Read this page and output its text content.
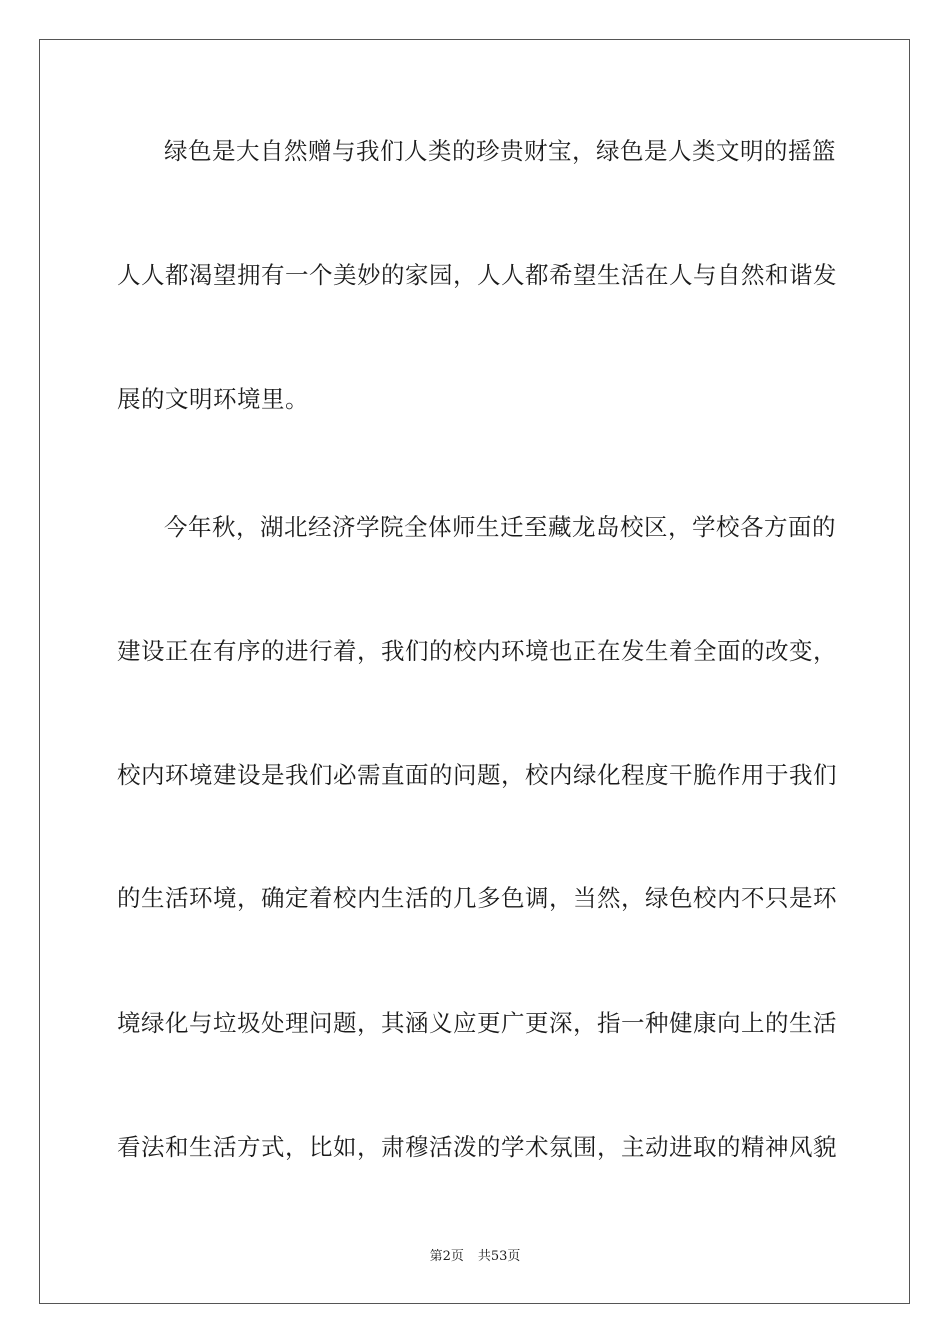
绿色是大自然赠与我们人类的珍贵财宝，绿色是人类文明的摇篮
人人都渴望拥有一个美妙的家园，人人都希望生活在人与自然和谐发
展的文明环境里。
今年秋，湖北经济学院全体师生迁至藏龙岛校区，学校各方面的
建设正在有序的进行着，我们的校内环境也正在发生着全面的改变，
校内环境建设是我们必需直面的问题，校内绿化程度干脆作用于我们
的生活环境，确定着校内生活的几多色调，当然，绿色校内不只是环
境绿化与垃圾处理问题，其涵义应更广更深，指一种健康向上的生活
看法和生活方式，比如，肃穆活泼的学术氛围，主动进取的精神风貌
第2页 共53页
